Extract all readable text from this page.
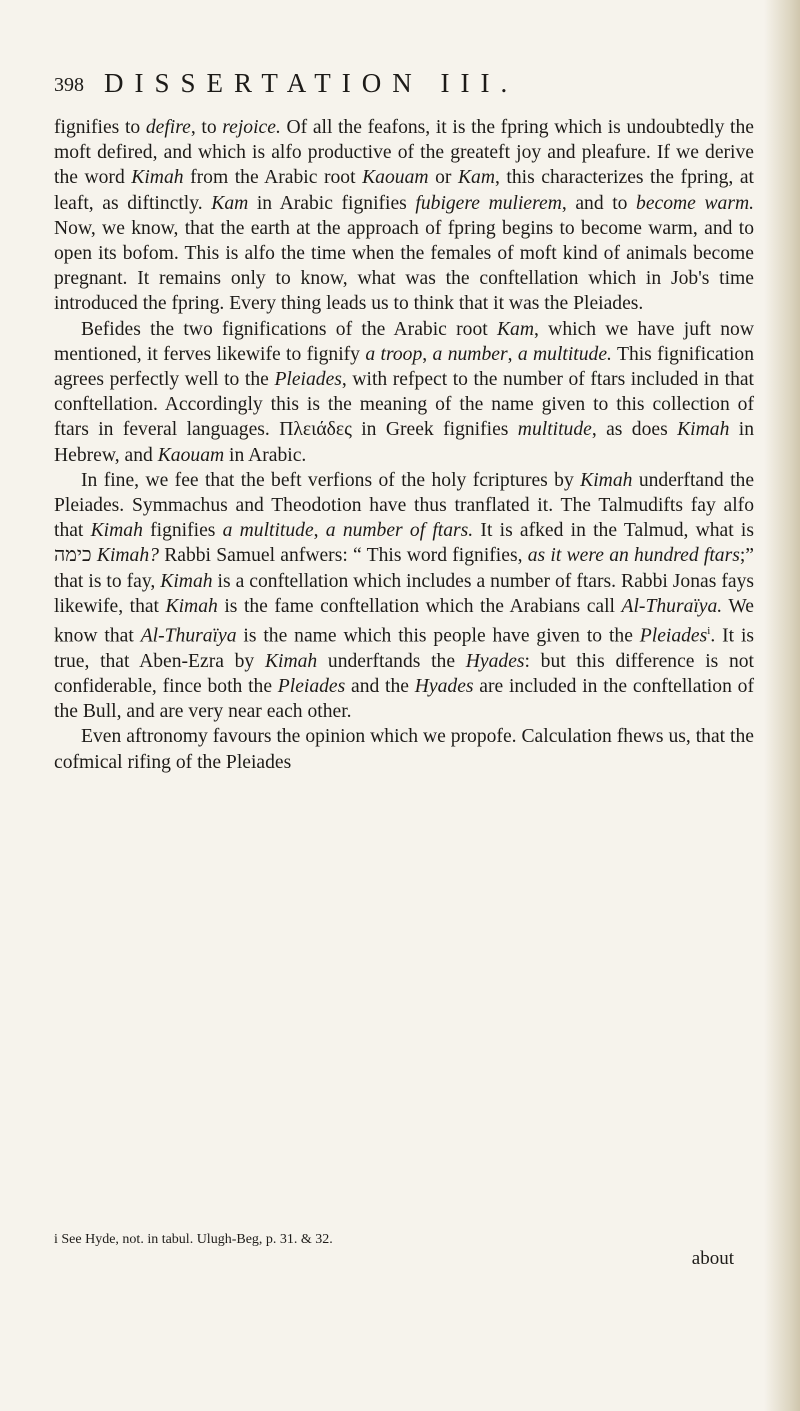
398 DISSERTATION III.

fignifies to defire, to rejoice. Of all the feafons, it is the fpring which is undoubtedly the moft defired, and which is alfo productive of the greateft joy and pleafure. If we derive the word Kimah from the Arabic root Kaouam or Kam, this characterizes the fpring, at leaft, as diftinctly. Kam in Arabic fignifies fubigere mulierem, and to become warm. Now, we know, that the earth at the approach of fpring begins to become warm, and to open its bofom. This is alfo the time when the females of moft kind of animals become pregnant. It remains only to know, what was the conftellation which in Job's time introduced the fpring. Every thing leads us to think that it was the Pleiades.

Befides the two fignifications of the Arabic root Kam, which we have juft now mentioned, it ferves likewife to fignify a troop, a number, a multitude. This fignification agrees perfectly well to the Pleiades, with refpect to the number of ftars included in that conftellation. Accordingly this is the meaning of the name given to this collection of ftars in feveral languages. Πλειάδες in Greek fignifies multitude, as does Kimah in Hebrew, and Kaouam in Arabic.

In fine, we fee that the beft verfions of the holy fcriptures by Kimah underftand the Pleiades. Symmachus and Theodotion have thus tranflated it. The Talmudifts fay alfo that Kimah fignifies a multitude, a number of ftars. It is afked in the Talmud, what is כימה Kimah? Rabbi Samuel anfwers: “ This word fignifies, as it were an hundred ftars;” that is to fay, Kimah is a conftellation which includes a number of ftars. Rabbi Jonas fays likewife, that Kimah is the fame conftellation which the Arabians call Al-Thuraïya. We know that Al-Thuraïya is the name which this people have given to the Pleiades$^i$. It is true, that Aben-Ezra by Kimah underftands the Hyades: but this difference is not confiderable, fince both the Pleiades and the Hyades are included in the conftellation of the Bull, and are very near each other.

Even aftronomy favours the opinion which we propofe. Calculation fhews us, that the cofmical rifing of the Pleiades

i See Hyde, not. in tabul. Ulugh-Beg, p. 31. & 32.
about
